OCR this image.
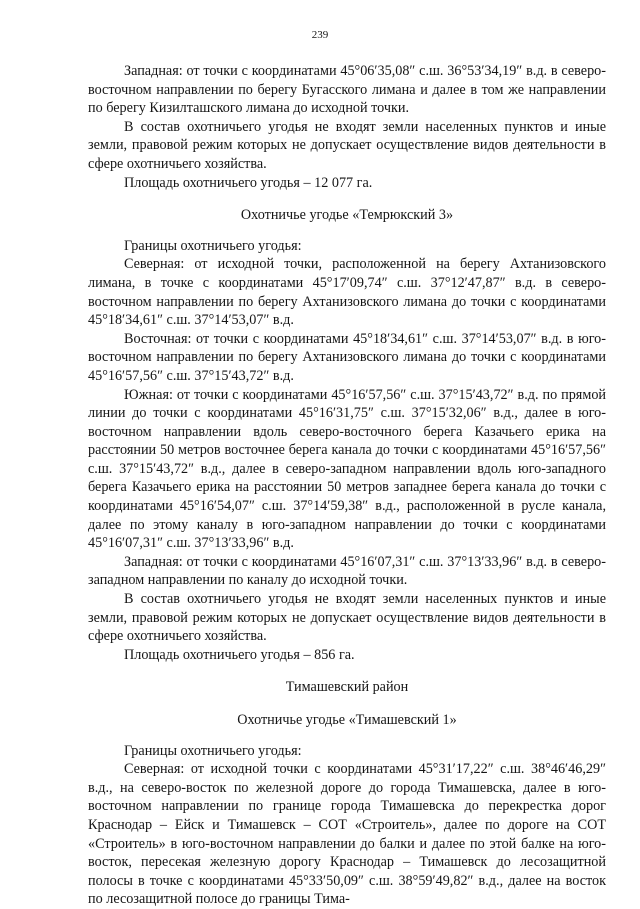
239

Западная: от точки с координатами 45°06′35,08″ с.ш. 36°53′34,19″ в.д. в северо-восточном направлении по берегу Бугасского лимана и далее в том же направлении по берегу Кизилташского лимана до исходной точки.

В состав охотничьего угодья не входят земли населенных пунктов и иные земли, правовой режим которых не допускает осуществление видов деятельности в сфере охотничьего хозяйства.

Площадь охотничьего угодья – 12 077 га.

Охотничье угодье «Темрюкский 3»

Границы охотничьего угодья:

Северная: от исходной точки, расположенной на берегу Ахтанизовского лимана, в точке с координатами 45°17′09,74″ с.ш. 37°12′47,87″ в.д. в северо-восточном направлении по берегу Ахтанизовского лимана до точки с координатами 45°18′34,61″ с.ш. 37°14′53,07″ в.д.

Восточная: от точки с координатами 45°18′34,61″ с.ш. 37°14′53,07″ в.д. в юго-восточном направлении по берегу Ахтанизовского лимана до точки с координатами 45°16′57,56″ с.ш. 37°15′43,72″ в.д.

Южная: от точки с координатами 45°16′57,56″ с.ш. 37°15′43,72″ в.д. по прямой линии до точки с координатами 45°16′31,75″ с.ш. 37°15′32,06″ в.д., далее в юго-восточном направлении вдоль северо-восточного берега Казачьего ерика на расстоянии 50 метров восточнее берега канала до точки с координатами 45°16′57,56″ с.ш. 37°15′43,72″ в.д., далее в северо-западном направлении вдоль юго-западного берега Казачьего ерика на расстоянии 50 метров западнее берега канала до точки с координатами 45°16′54,07″ с.ш. 37°14′59,38″ в.д., расположенной в русле канала, далее по этому каналу в юго-западном направлении до точки с координатами 45°16′07,31″ с.ш. 37°13′33,96″ в.д.

Западная: от точки с координатами 45°16′07,31″ с.ш. 37°13′33,96″ в.д. в северо-западном направлении по каналу до исходной точки.

В состав охотничьего угодья не входят земли населенных пунктов и иные земли, правовой режим которых не допускает осуществление видов деятельности в сфере охотничьего хозяйства.

Площадь охотничьего угодья – 856 га.

Тимашевский район

Охотничье угодье «Тимашевский 1»

Границы охотничьего угодья:

Северная: от исходной точки с координатами 45°31′17,22″ с.ш. 38°46′46,29″ в.д., на северо-восток по железной дороге до города Тимашевска, далее в юго-восточном направлении по границе города Тимашевска до перекрестка дорог Краснодар – Ейск и Тимашевск – СОТ «Строитель», далее по дороге на СОТ «Строитель» в юго-восточном направлении до балки и далее по этой балке на юго-восток, пересекая железную дорогу Краснодар – Тимашевск до лесозащитной полосы в точке с координатами 45°33′50,09″ с.ш. 38°59′49,82″ в.д., далее на восток по лесозащитной полосе до границы Тима-
